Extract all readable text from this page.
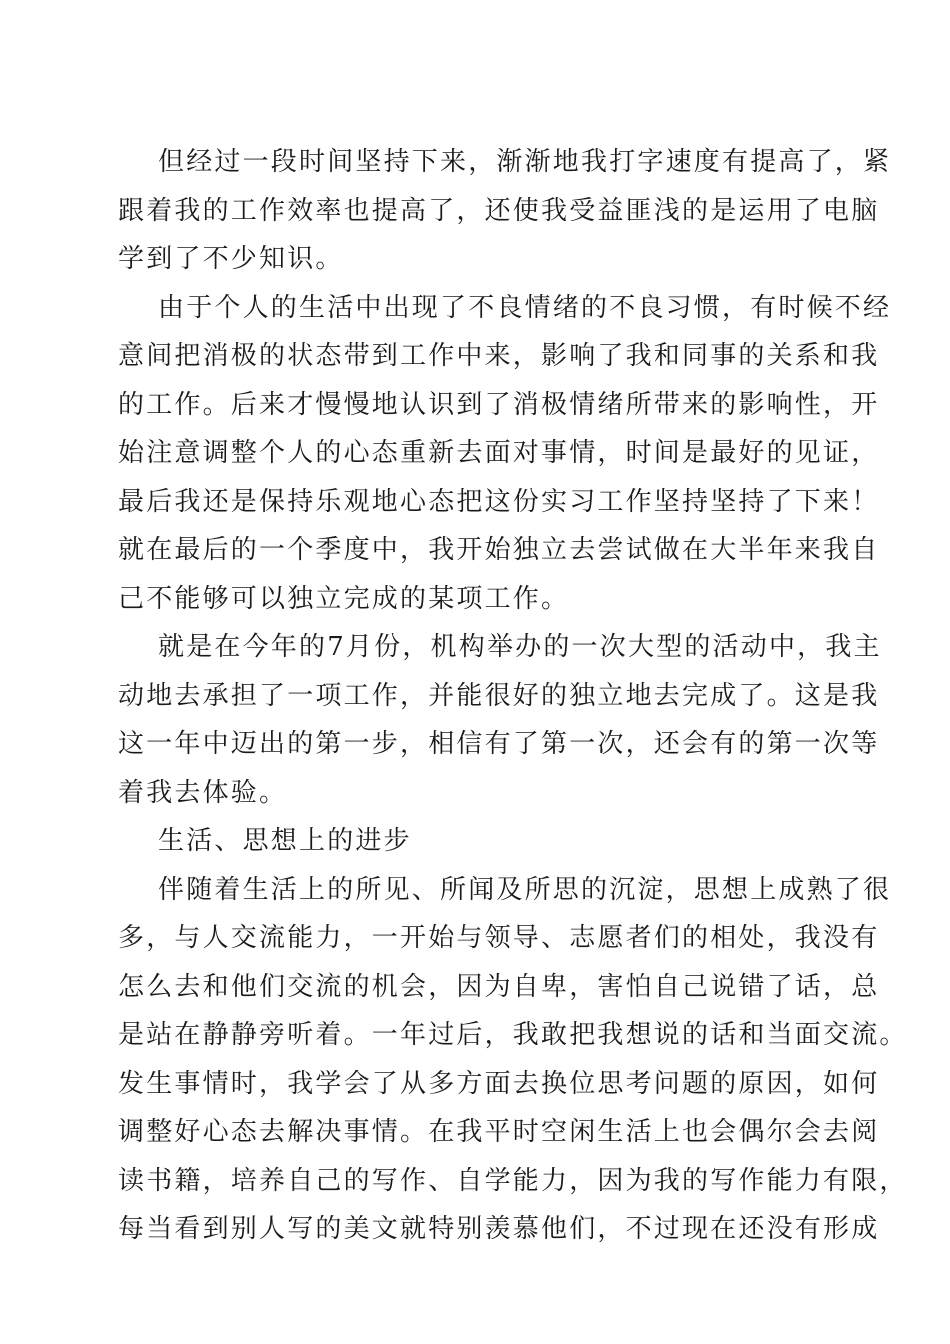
但经过一段时间坚持下来，渐渐地我打字速度有提高了，紧
跟着我的工作效率也提高了，还使我受益匪浅的是运用了电脑
学到了不少知识。
由于个人的生活中出现了不良情绪的不良习惯，有时候不经
意间把消极的状态带到工作中来，影响了我和同事的关系和我
的工作。后来才慢慢地认识到了消极情绪所带来的影响性，开
始注意调整个人的心态重新去面对事情，时间是最好的见证，
最后我还是保持乐观地心态把这份实习工作坚持坚持了下来！
就在最后的一个季度中，我开始独立去尝试做在大半年来我自
己不能够可以独立完成的某项工作。
就是在今年的7月份，机构举办的一次大型的活动中，我主
动地去承担了一项工作，并能很好的独立地去完成了。这是我
这一年中迈出的第一步，相信有了第一次，还会有的第一次等
着我去体验。
生活、思想上的进步
伴随着生活上的所见、所闻及所思的沉淀，思想上成熟了很
多，与人交流能力，一开始与领导、志愿者们的相处，我没有
怎么去和他们交流的机会，因为自卑，害怕自己说错了话，总
是站在静静旁听着。一年过后，我敢把我想说的话和当面交流。
发生事情时，我学会了从多方面去换位思考问题的原因，如何
调整好心态去解决事情。在我平时空闲生活上也会偶尔会去阅
读书籍，培养自己的写作、自学能力，因为我的写作能力有限，
每当看到别人写的美文就特别羡慕他们，不过现在还没有形成
